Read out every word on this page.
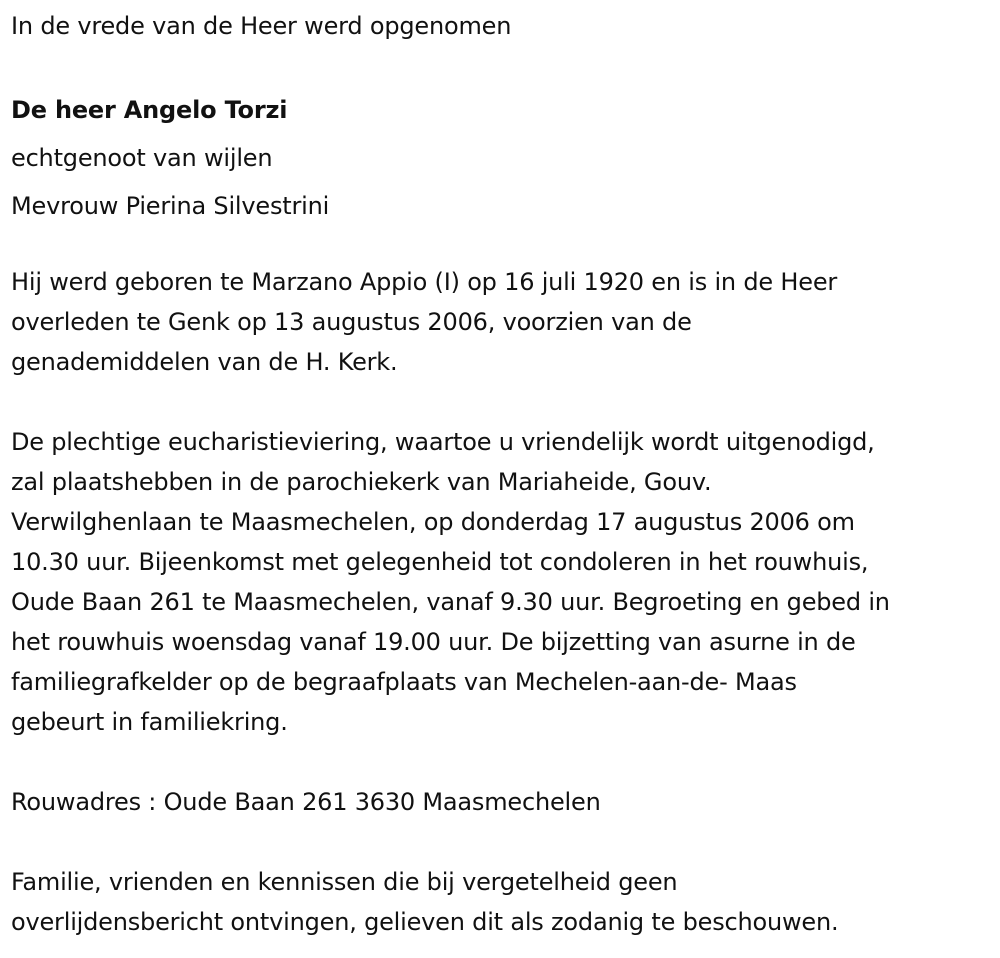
In de vrede van de Heer werd opgenomen

De heer Angelo Torzi

echtgenoot van wijlen

Mevrouw Pierina Silvestrini

Hij werd geboren te Marzano Appio (I) op 16 juli 1920 en is in de Heer
overleden te Genk op 13 augustus 2006, voorzien van de
genademiddelen van de H. Kerk.

De plechtige eucharistieviering, waartoe u vriendelijk wordt uitgenodigd,
zal plaatshebben in de parochiekerk van Mariaheide, Gouv.
Verwilghenlaan te Maasmechelen, op donderdag 17 augustus 2006 om
10.30 uur. Bijeenkomst met gelegenheid tot condoleren in het rouwhuis,
Oude Baan 261 te Maasmechelen, vanaf 9.30 uur. Begroeting en gebed in
het rouwhuis woensdag vanaf 19.00 uur. De bijzetting van asurne in de
familiegrafkelder op de begraafplaats van Mechelen-aan-de- Maas
gebeurt in familiekring.

Rouwadres : Oude Baan 261 3630 Maasmechelen

Familie, vrienden en kennissen die bij vergetelheid geen
overlijdensbericht ontvingen, gelieven dit als zodanig te beschouwen.
